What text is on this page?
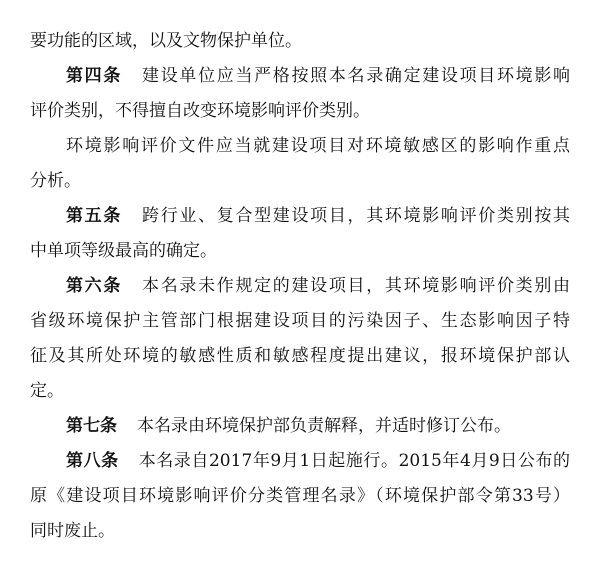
要功能的区域，以及文物保护单位。
第四条 建设单位应当严格按照本名录确定建设项目环境影响
评价类别，不得擅自改变环境影响评价类别。
环境影响评价文件应当就建设项目对环境敏感区的影响作重点
分析。
第五条 跨行业、复合型建设项目，其环境影响评价类别按其
中单项等级最高的确定。
第六条 本名录未作规定的建设项目，其环境影响评价类别由
省级环境保护主管部门根据建设项目的污染因子、生态影响因子特
征及其所处环境的敏感性质和敏感程度提出建议，报环境保护部认
定。
第七条 本名录由环境保护部负责解释，并适时修订公布。
第八条 本名录自2017年9月1日起施行。2015年4月9日公布的
原《建设项目环境影响评价分类管理名录》（环境保护部令第33号）
同时废止。
